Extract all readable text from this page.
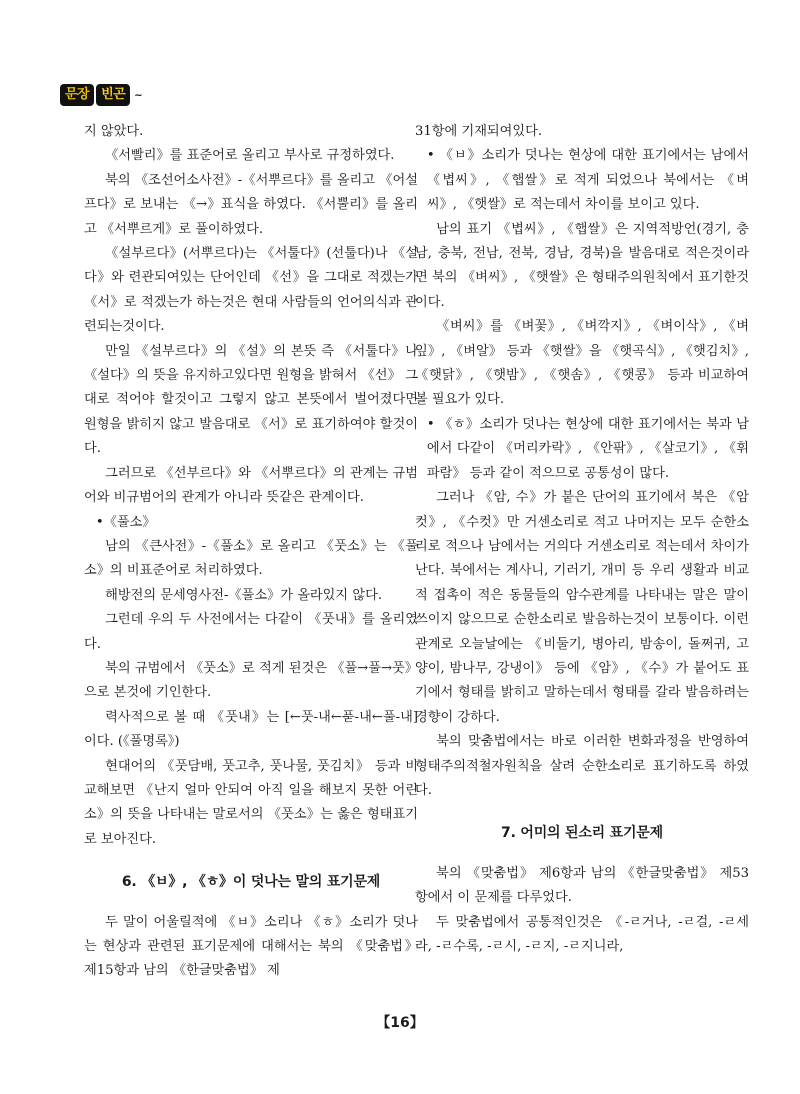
문장 빈곤 ~

지 않았다.

《서빨리》를 표준어로 올리고 부사로 규정하였다.

북의 《조선어소사전》-《서뿌르다》를 올리고 《어설프다》로 보내는 《→》표식을 하였다. 《서뿔리》를 올리고 《서뿌르게》로 풀이하였다.

《설부르다》(서뿌르다)는 《서툴다》(선툴다)나 《설다》와 련관되여있는 단어인데 《선》을 그대로 적겠는가 《서》로 적겠는가 하는것은 현대 사람들의 언어의식과 관련되는것이다.

만일 《설부르다》의 《설》의 본뜻 즉 《서툴다》나 《설다》의 뜻을 유지하고있다면 원형을 밝혀서 《선》 그대로 적어야 할것이고 그렇지 않고 본뜻에서 벌어졌다면 원형을 밝히지 않고 발음대로 《서》로 표기하여야 할것이다.

그러므로 《선부르다》와 《서뿌르다》의 관계는 규범어와 비규범어의 관계가 아니라 뜻같은 관계이다.

•《풀소》

남의 《큰사전》-《풀소》로 올리고 《풋소》는 《풀소》의 비표준어로 처리하였다.

해방전의 문세영사전-《풀소》가 올라있지 않다.

그런데 우의 두 사전에서는 다같이 《풋내》를 올리였다.

북의 규범에서 《풋소》로 적게 된것은 《풀→풀→풋》으로 본것에 기인한다.

력사적으로 볼 때 《풋내》는 [←풋-내←푿-내←풀-내]이다. (《풀명록》)

현대어의 《풋담배, 풋고추, 풋나물, 풋김치》 등과 비교해보면 《난지 얼마 안되여 아직 일을 해보지 못한 어린 소》의 뜻을 나타내는 말로서의 《풋소》는 옳은 형태표기로 보아진다.

6. 《ㅂ》, 《ㅎ》이 덧나는 말의 표기문제

두 말이 어울릴적에 《ㅂ》소리나 《ㅎ》소리가 덧나는 현상과 관련된 표기문제에 대해서는 북의 《맞춤법》 제15항과 남의 《한글맞춤법》 제

31항에 기재되여있다.

• 《ㅂ》소리가 덧나는 현상에 대한 표기에서는 남에서 《볍씨》, 《햅쌀》로 적게 되었으나 북에서는 《벼씨》, 《햇쌀》로 적는데서 차이를 보이고 있다.

남의 표기 《볍씨》, 《햅쌀》은 지역적방언(경기, 충남, 충북, 전남, 전북, 경남, 경북)을 발음대로 적은것이라면 북의 《벼씨》, 《햇쌀》은 형태주의원칙에서 표기한것이다.

《벼씨》를 《벼꽃》, 《벼깍지》, 《벼이삭》, 《벼잎》, 《벼알》 등과 《햇쌀》을 《햇곡식》, 《햇김치》, 《햇닭》, 《햇밤》, 《햇솜》, 《햇콩》 등과 비교하여 볼 필요가 있다.

• 《ㅎ》소리가 덧나는 현상에 대한 표기에서는 북과 남에서 다같이 《머리카락》, 《안팎》, 《살코기》, 《휘파람》 등과 같이 적으므로 공통성이 많다.

그러나 《암, 수》가 붙은 단어의 표기에서 북은 《암컷》, 《수컷》만 거센소리로 적고 나머지는 모두 순한소리로 적으나 남에서는 거의다 거센소리로 적는데서 차이가 난다. 북에서는 계사니, 기러기, 개미 등 우리 생활과 비교적 접촉이 적은 동물들의 암수관계를 나타내는 말은 말이 쓰이지 않으므로 순한소리로 발음하는것이 보통이다. 이런 관계로 오늘날에는 《비둘기, 병아리, 밤송이, 돌쩌귀, 고양이, 밤나무, 강냉이》 등에 《암》, 《수》가 붙어도 표기에서 형태를 밝히고 말하는데서 형태를 갈라 발음하려는 경향이 강하다.

북의 맞춤법에서는 바로 이러한 변화과정을 반영하여 형태주의적철자원칙을 살려 순한소리로 표기하도록 하였다.

7. 어미의 된소리 표기문제

북의 《맞춤법》 제6항과 남의 《한글맞춤법》 제53항에서 이 문제를 다루었다.

두 맞춤법에서 공통적인것은 《-ㄹ거나, -ㄹ걸, -ㄹ세라, -ㄹ수록, -ㄹ시, -ㄹ지, -ㄹ지니라,

【16】
